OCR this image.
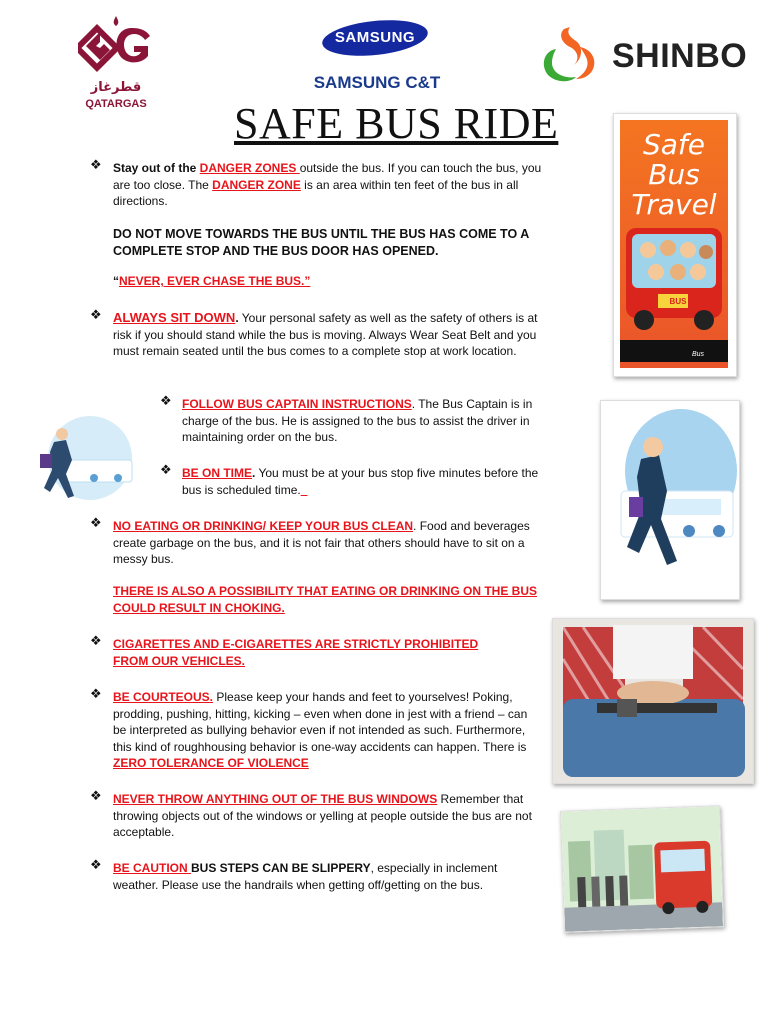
قطرغاز
QATARGAS
SAMSUNG
SAMSUNG C&T
SHINBO
SAFE BUS RIDE	Safe
Bus
Travel
Bus
BUS
❖ Stay out of the DANGER ZONES outside the bus. If you can touch the bus, you are too close. The DANGER ZONE is an area within ten feet of the bus in all directions.
DO NOT MOVE TOWARDS THE BUS UNTIL THE BUS HAS COME TO A COMPLETE STOP AND THE BUS DOOR HAS OPENED.
“NEVER, EVER CHASE THE BUS.”
❖ ALWAYS SIT DOWN. Your personal safety as well as the safety of others is at risk if you should stand while the bus is moving. Always Wear Seat Belt and you must remain seated until the bus comes to a complete stop at work location.
❖ FOLLOW BUS CAPTAIN INSTRUCTIONS. The Bus Captain is in charge of the bus. He is assigned to the bus to assist the driver in maintaining order on the bus.
❖ BE ON TIME. You must be at your bus stop five minutes before the bus is scheduled time._
❖ NO EATING OR DRINKING/ KEEP YOUR BUS CLEAN. Food and beverages create garbage on the bus, and it is not fair that others should have to sit on a messy bus.
THERE IS ALSO A POSSIBILITY THAT EATING OR DRINKING ON THE BUS COULD RESULT IN CHOKING.
❖ CIGARETTES AND E-CIGARETTES ARE STRICTLY PROHIBITED FROM OUR VEHICLES.
❖ BE COURTEOUS. Please keep your hands and feet to yourselves! Poking, prodding, pushing, hitting, kicking – even when done in jest with a friend – can be interpreted as bullying behavior even if not intended as such. Furthermore, this kind of roughhousing behavior is one-way accidents can happen. There is ZERO TOLERANCE OF VIOLENCE
❖ NEVER THROW ANYTHING OUT OF THE BUS WINDOWS Remember that throwing objects out of the windows or yelling at people outside the bus are not acceptable.
❖ BE CAUTION BUS STEPS CAN BE SLIPPERY, especially in inclement weather. Please use the handrails when getting off/getting on the bus.
